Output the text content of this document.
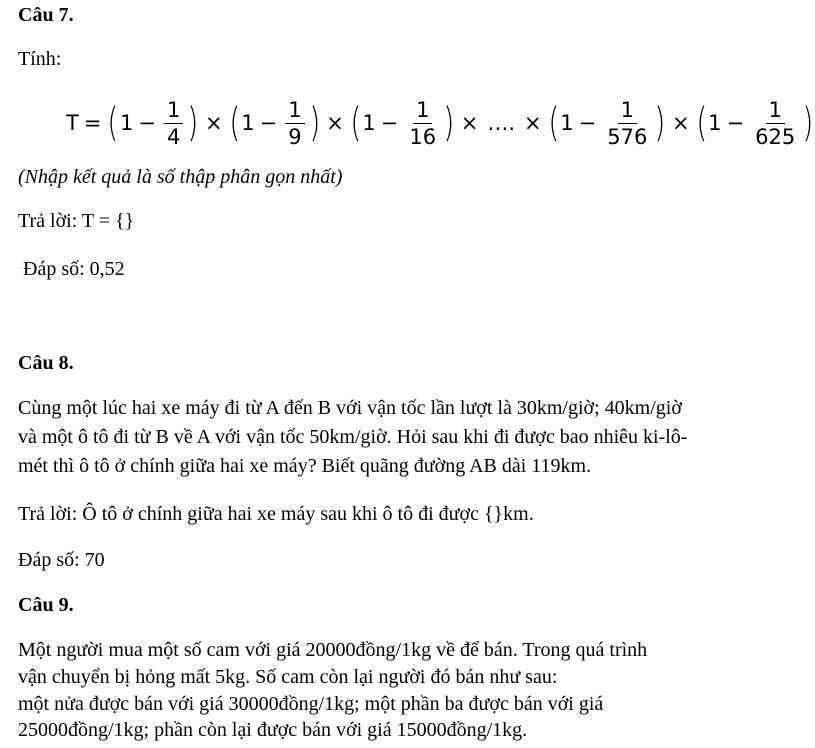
Câu 7.
Tính:
T = ( $1 - \frac{1}{4}$ ) × ( $1 - \frac{1}{9}$ ) × ( $1 - \frac{1}{16}$ ) × …. × ( $1 - \frac{1}{576}$ ) × ( $1 - \frac{1}{625}$ )
(Nhập kết quả là số thập phân gọn nhất)
Trả lời: T = {}
Đáp số: 0,52
Câu 8.
Cùng một lúc hai xe máy đi từ A đến B với vận tốc lần lượt là 30km/giờ; 40km/giờ
và một ô tô đi từ B về A với vận tốc 50km/giờ. Hỏi sau khi đi được bao nhiêu ki-lô-
mét thì ô tô ở chính giữa hai xe máy? Biết quãng đường AB dài 119km.
Trả lời: Ô tô ở chính giữa hai xe máy sau khi ô tô đi được {}km.
Đáp số: 70
Câu 9.
Một người mua một số cam với giá 20000đồng/1kg về để bán. Trong quá trình
vận chuyển bị hỏng mất 5kg. Số cam còn lại người đó bán như sau:
một nửa được bán với giá 30000đồng/1kg; một phần ba được bán với giá
25000đồng/1kg; phần còn lại được bán với giá 15000đồng/1kg.
